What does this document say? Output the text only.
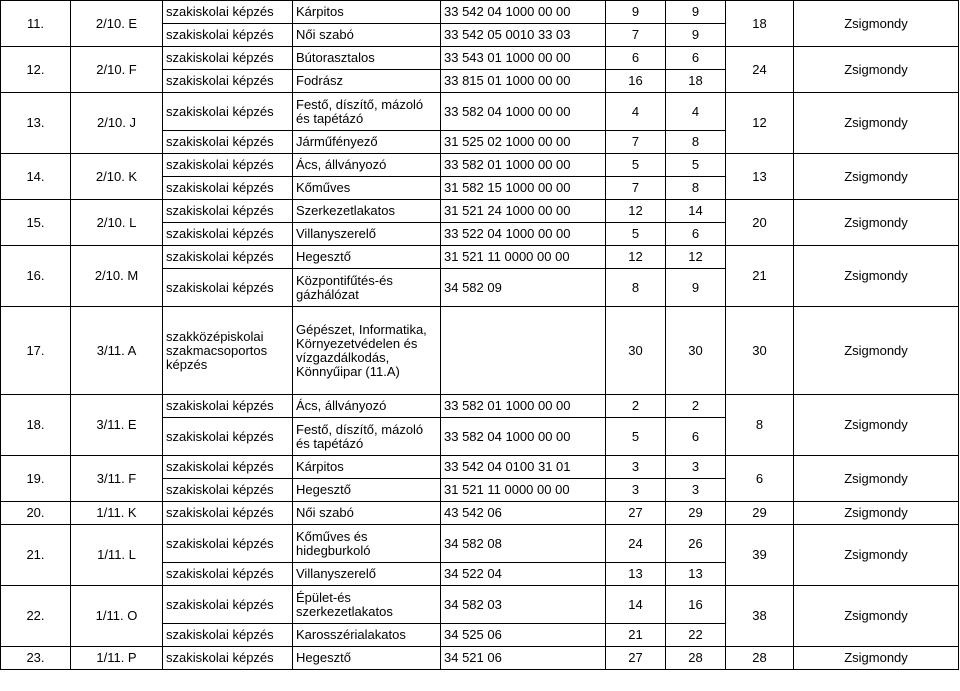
11.	2/10. E	szakiskolai képzés	Kárpitos	33 542 04 1000 00 00	9	9	18	Zsigmondy
		szakiskolai képzés	Női szabó	33 542 05 0010 33 03	7	9		
12.	2/10. F	szakiskolai képzés	Bútorasztalos	33 543 01 1000 00 00	6	6	24	Zsigmondy
		szakiskolai képzés	Fodrász	33 815 01 1000 00 00	16	18		
13.	2/10. J	szakiskolai képzés	Festő, díszítő, mázoló és tapétázó	33 582 04 1000 00 00	4	4	12	Zsigmondy
		szakiskolai képzés	Járműfényező	31 525 02 1000 00 00	7	8		
14.	2/10. K	szakiskolai képzés	Ács, állványozó	33 582 01 1000 00 00	5	5	13	Zsigmondy
		szakiskolai képzés	Kőműves	31 582 15 1000 00 00	7	8		
15.	2/10. L	szakiskolai képzés	Szerkezetlakatos	31 521 24 1000 00 00	12	14	20	Zsigmondy
		szakiskolai képzés	Villanyszerelő	33 522 04 1000 00 00	5	6		
16.	2/10. M	szakiskolai képzés	Hegesztő	31 521 11 0000 00 00	12	12	21	Zsigmondy
		szakiskolai képzés	Központifűtés-és gázhálózat	34 582 09	8	9		
17.	3/11. A	szakközépiskolai szakmacsoportos képzés	Gépészet, Informatika, Környezetvédelen és vízgazdálkodás, Könnyűipar (11.A)		30	30	30	Zsigmondy
18.	3/11. E	szakiskolai képzés	Ács, állványozó	33 582 01 1000 00 00	2	2	8	Zsigmondy
		szakiskolai képzés	Festő, díszítő, mázoló és tapétázó	33 582 04 1000 00 00	5	6		
19.	3/11. F	szakiskolai képzés	Kárpitos	33 542 04 0100 31 01	3	3	6	Zsigmondy
		szakiskolai képzés	Hegesztő	31 521 11 0000 00 00	3	3		
20.	1/11. K	szakiskolai képzés	Női szabó	43 542 06	27	29	29	Zsigmondy
21.	1/11. L	szakiskolai képzés	Kőműves és hidegburkoló	34 582 08	24	26	39	Zsigmondy
		szakiskolai képzés	Villanyszerelő	34 522 04	13	13		
22.	1/11. O	szakiskolai képzés	Épület-és szerkezetlakatos	34 582 03	14	16	38	Zsigmondy
		szakiskolai képzés	Karosszérialakatos	34 525 06	21	22		
23.	1/11. P	szakiskolai képzés	Hegesztő	34 521 06	27	28	28	Zsigmondy
